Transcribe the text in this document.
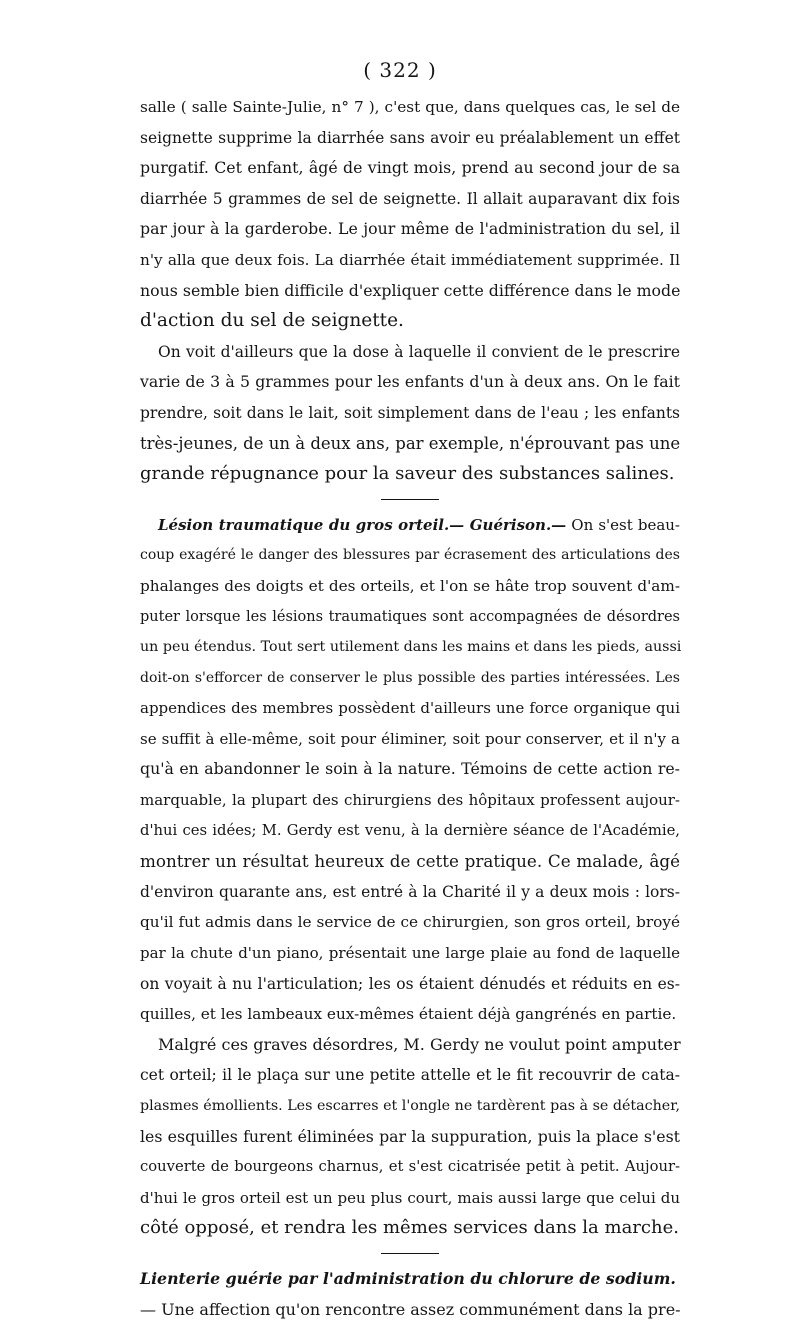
( 322 )
salle ( salle Sainte-Julie, n° 7 ), c'est que, dans quelques cas, le sel de
seignette supprime la diarrhée sans avoir eu préalablement un effet
purgatif. Cet enfant, âgé de vingt mois, prend au second jour de sa
diarrhée 5 grammes de sel de seignette. Il allait auparavant dix fois
par jour à la garderobe. Le jour même de l'administration du sel, il
n'y alla que deux fois. La diarrhée était immédiatement supprimée. Il
nous semble bien difficile d'expliquer cette différence dans le mode
d'action du sel de seignette.
On voit d'ailleurs que la dose à laquelle il convient de le prescrire
varie de 3 à 5 grammes pour les enfants d'un à deux ans. On le fait
prendre, soit dans le lait, soit simplement dans de l'eau ; les enfants
très-jeunes, de un à deux ans, par exemple, n'éprouvant pas une
grande répugnance pour la saveur des substances salines.
Lésion traumatique du gros orteil.— Guérison.— On s'est beau-
coup exagéré le danger des blessures par écrasement des articulations des
phalanges des doigts et des orteils, et l'on se hâte trop souvent d'am-
puter lorsque les lésions traumatiques sont accompagnées de désordres
un peu étendus. Tout sert utilement dans les mains et dans les pieds, aussi
doit-on s'efforcer de conserver le plus possible des parties intéressées. Les
appendices des membres possèdent d'ailleurs une force organique qui
se suffit à elle-même, soit pour éliminer, soit pour conserver, et il n'y a
qu'à en abandonner le soin à la nature. Témoins de cette action re-
marquable, la plupart des chirurgiens des hôpitaux professent aujour-
d'hui ces idées; M. Gerdy est venu, à la dernière séance de l'Académie,
montrer un résultat heureux de cette pratique. Ce malade, âgé
d'environ quarante ans, est entré à la Charité il y a deux mois : lors-
qu'il fut admis dans le service de ce chirurgien, son gros orteil, broyé
par la chute d'un piano, présentait une large plaie au fond de laquelle
on voyait à nu l'articulation; les os étaient dénudés et réduits en es-
quilles, et les lambeaux eux-mêmes étaient déjà gangrénés en partie.
Malgré ces graves désordres, M. Gerdy ne voulut point amputer
cet orteil; il le plaça sur une petite attelle et le fit recouvrir de cata-
plasmes émollients. Les escarres et l'ongle ne tardèrent pas à se détacher,
les esquilles furent éliminées par la suppuration, puis la place s'est
couverte de bourgeons charnus, et s'est cicatrisée petit à petit. Aujour-
d'hui le gros orteil est un peu plus court, mais aussi large que celui du
côté opposé, et rendra les mêmes services dans la marche.
Lienterie guérie par l'administration du chlorure de sodium.
— Une affection qu'on rencontre assez communément dans la pre-
